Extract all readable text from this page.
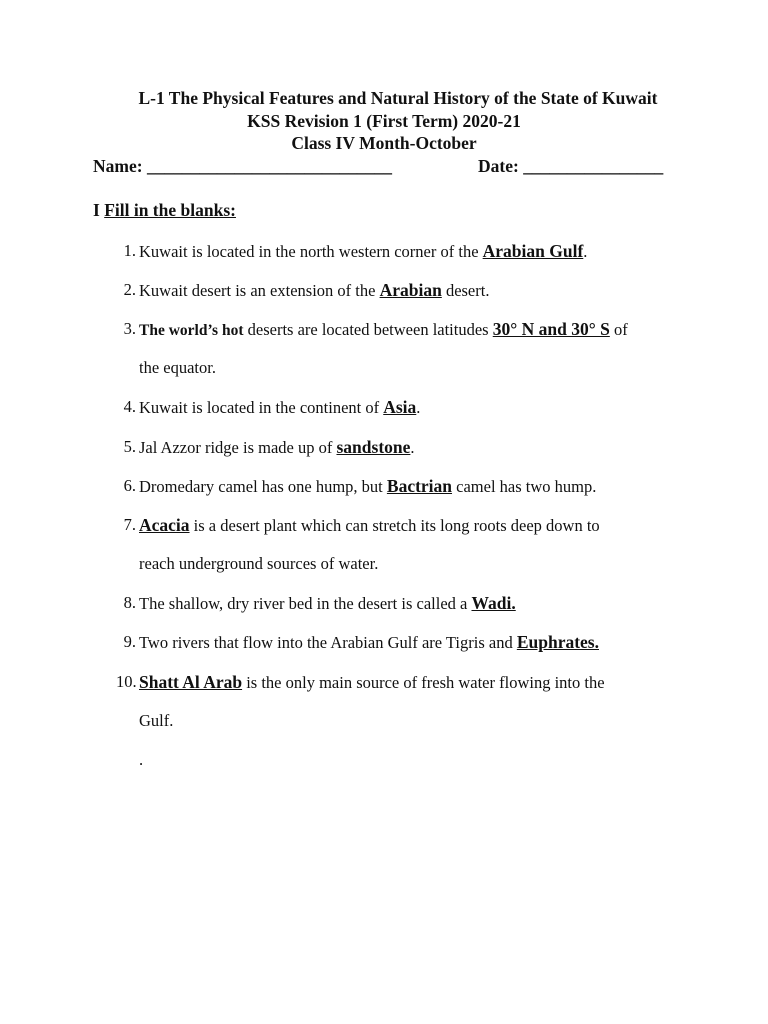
L-1 The Physical Features and Natural History of the State of Kuwait
KSS Revision 1 (First Term) 2020-21
Class IV Month-October
Name: ____________________________	Date: ________________
I Fill in the blanks:
1. Kuwait is located in the north western corner of the Arabian Gulf.
2. Kuwait desert is an extension of the Arabian desert.
3. The world’s hot deserts are located between latitudes 30° N and 30° S of
the equator.
4. Kuwait is located in the continent of Asia.
5. Jal Azzor ridge is made up of sandstone.
6. Dromedary camel has one hump, but Bactrian camel has two hump.
7. Acacia is a desert plant which can stretch its long roots deep down to
reach underground sources of water.
8. The shallow, dry river bed in the desert is called a Wadi.
9. Two rivers that flow into the Arabian Gulf are Tigris and Euphrates.
10. Shatt Al Arab is the only main source of fresh water flowing into the
Gulf.
.
